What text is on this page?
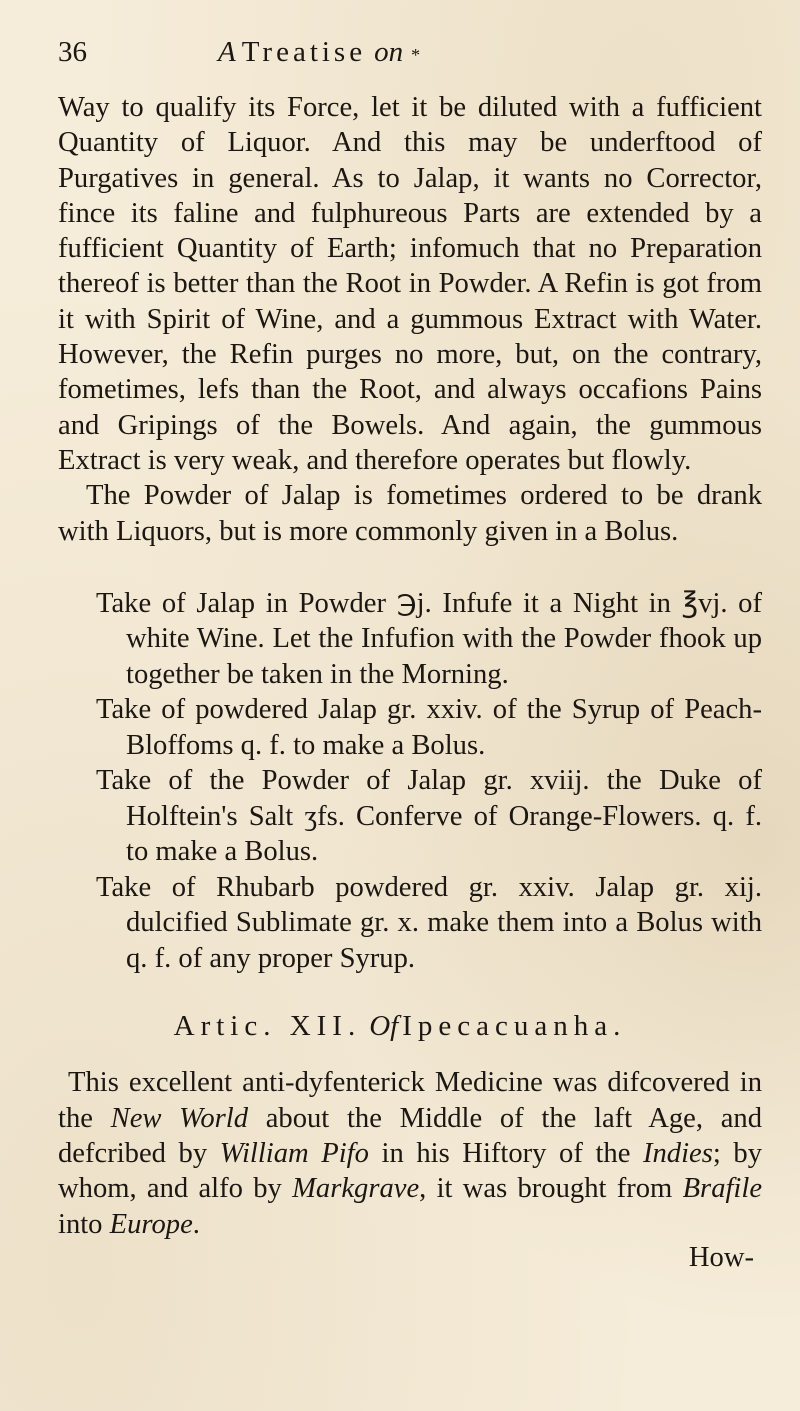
36	A Treatise on *

Way to qualify its Force, let it be diluted with a fufficient Quantity of Liquor. And this may be underftood of Purgatives in general. As to Jalap, it wants no Corrector, fince its faline and fulphureous Parts are extended by a fufficient Quantity of Earth; infomuch that no Preparation thereof is better than the Root in Powder. A Refin is got from it with Spirit of Wine, and a gummous Extract with Water. However, the Refin purges no more, but, on the contrary, fometimes, lefs than the Root, and always occafions Pains and Gripings of the Bowels. And again, the gummous Extract is very weak, and therefore operates but flowly.

The Powder of Jalap is fometimes ordered to be drank with Liquors, but is more commonly given in a Bolus.

Take of Jalap in Powder ℈j. Infufe it a Night in ℥vj. of white Wine. Let the Infufion with the Powder fhook up together be taken in the Morning.

Take of powdered Jalap gr. xxiv. of the Syrup of Peach-Bloffoms q. f. to make a Bolus.

Take of the Powder of Jalap gr. xviij. the Duke of Holftein's Salt ʒfs. Conferve of Orange-Flowers. q. f. to make a Bolus.

Take of Rhubarb powdered gr. xxiv. Jalap gr. xij. dulcified Sublimate gr. x. make them into a Bolus with q. f. of any proper Syrup.

Artic. XII. Of Ipecacuanha.

This excellent anti-dyfenterick Medicine was difcovered in the New World about the Middle of the laft Age, and defcribed by William Pifo in his Hiftory of the Indies; by whom, and alfo by Markgrave, it was brought from Brafile into Europe.

How-
